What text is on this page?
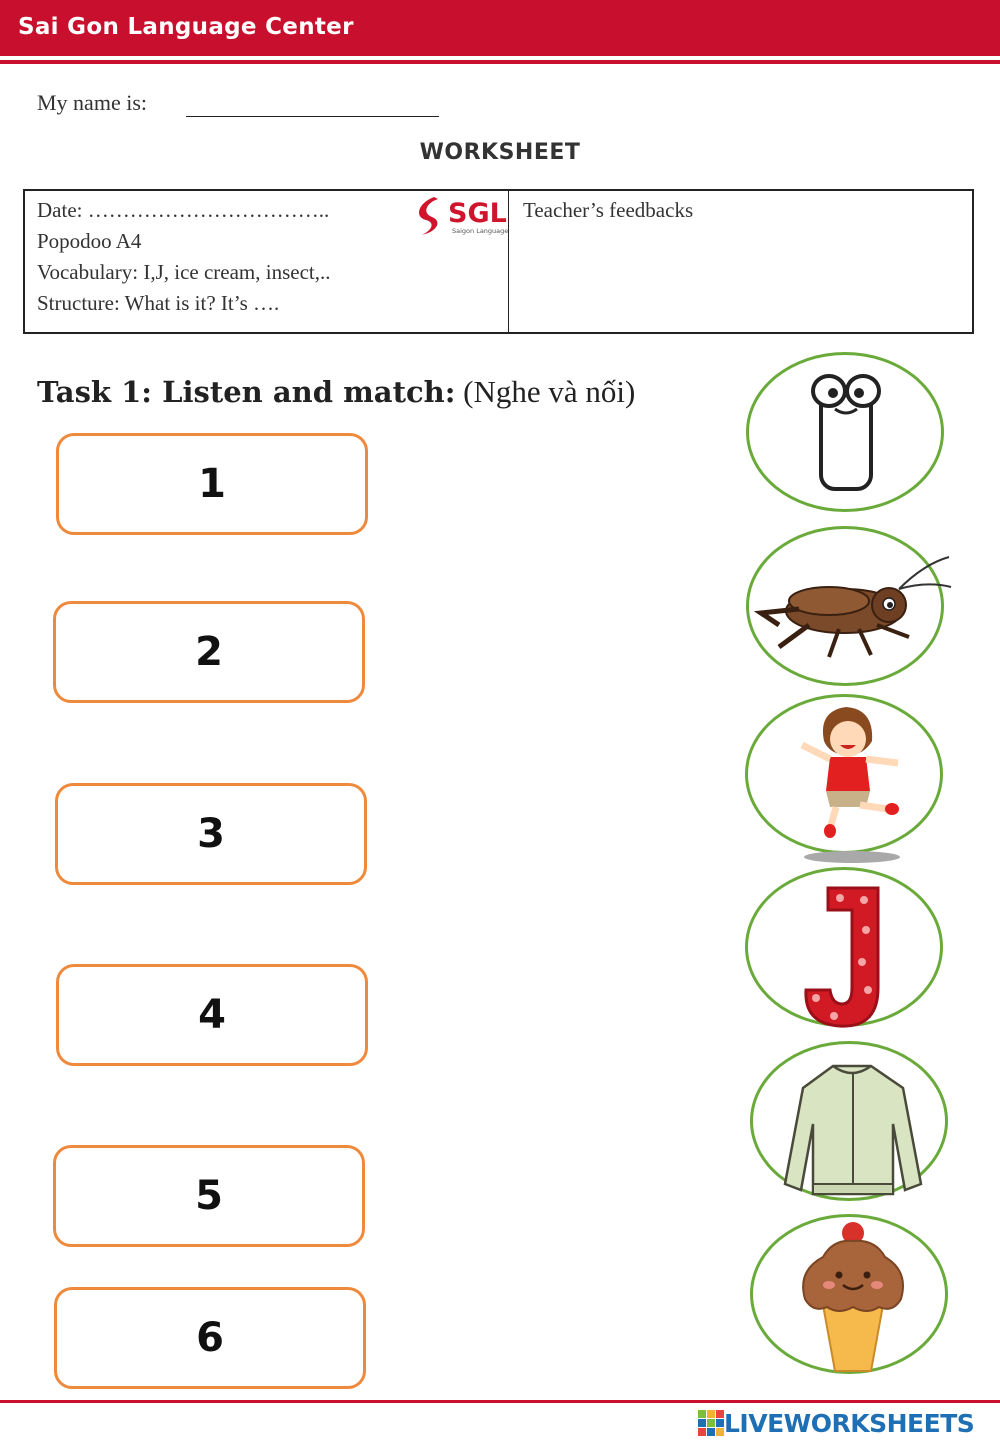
Sai Gon Language Center
My name is:
WORKSHEET
Date: ……………………………..
Popodoo A4
Vocabulary: I,J, ice cream, insect,..
Structure: What is it? It’s ….
Teacher’s feedbacks
SGL
Saigon Language
Task 1: Listen and match: (Nghe và nối)
1
2
3
4
5
6
LIVEWORKSHEETS
